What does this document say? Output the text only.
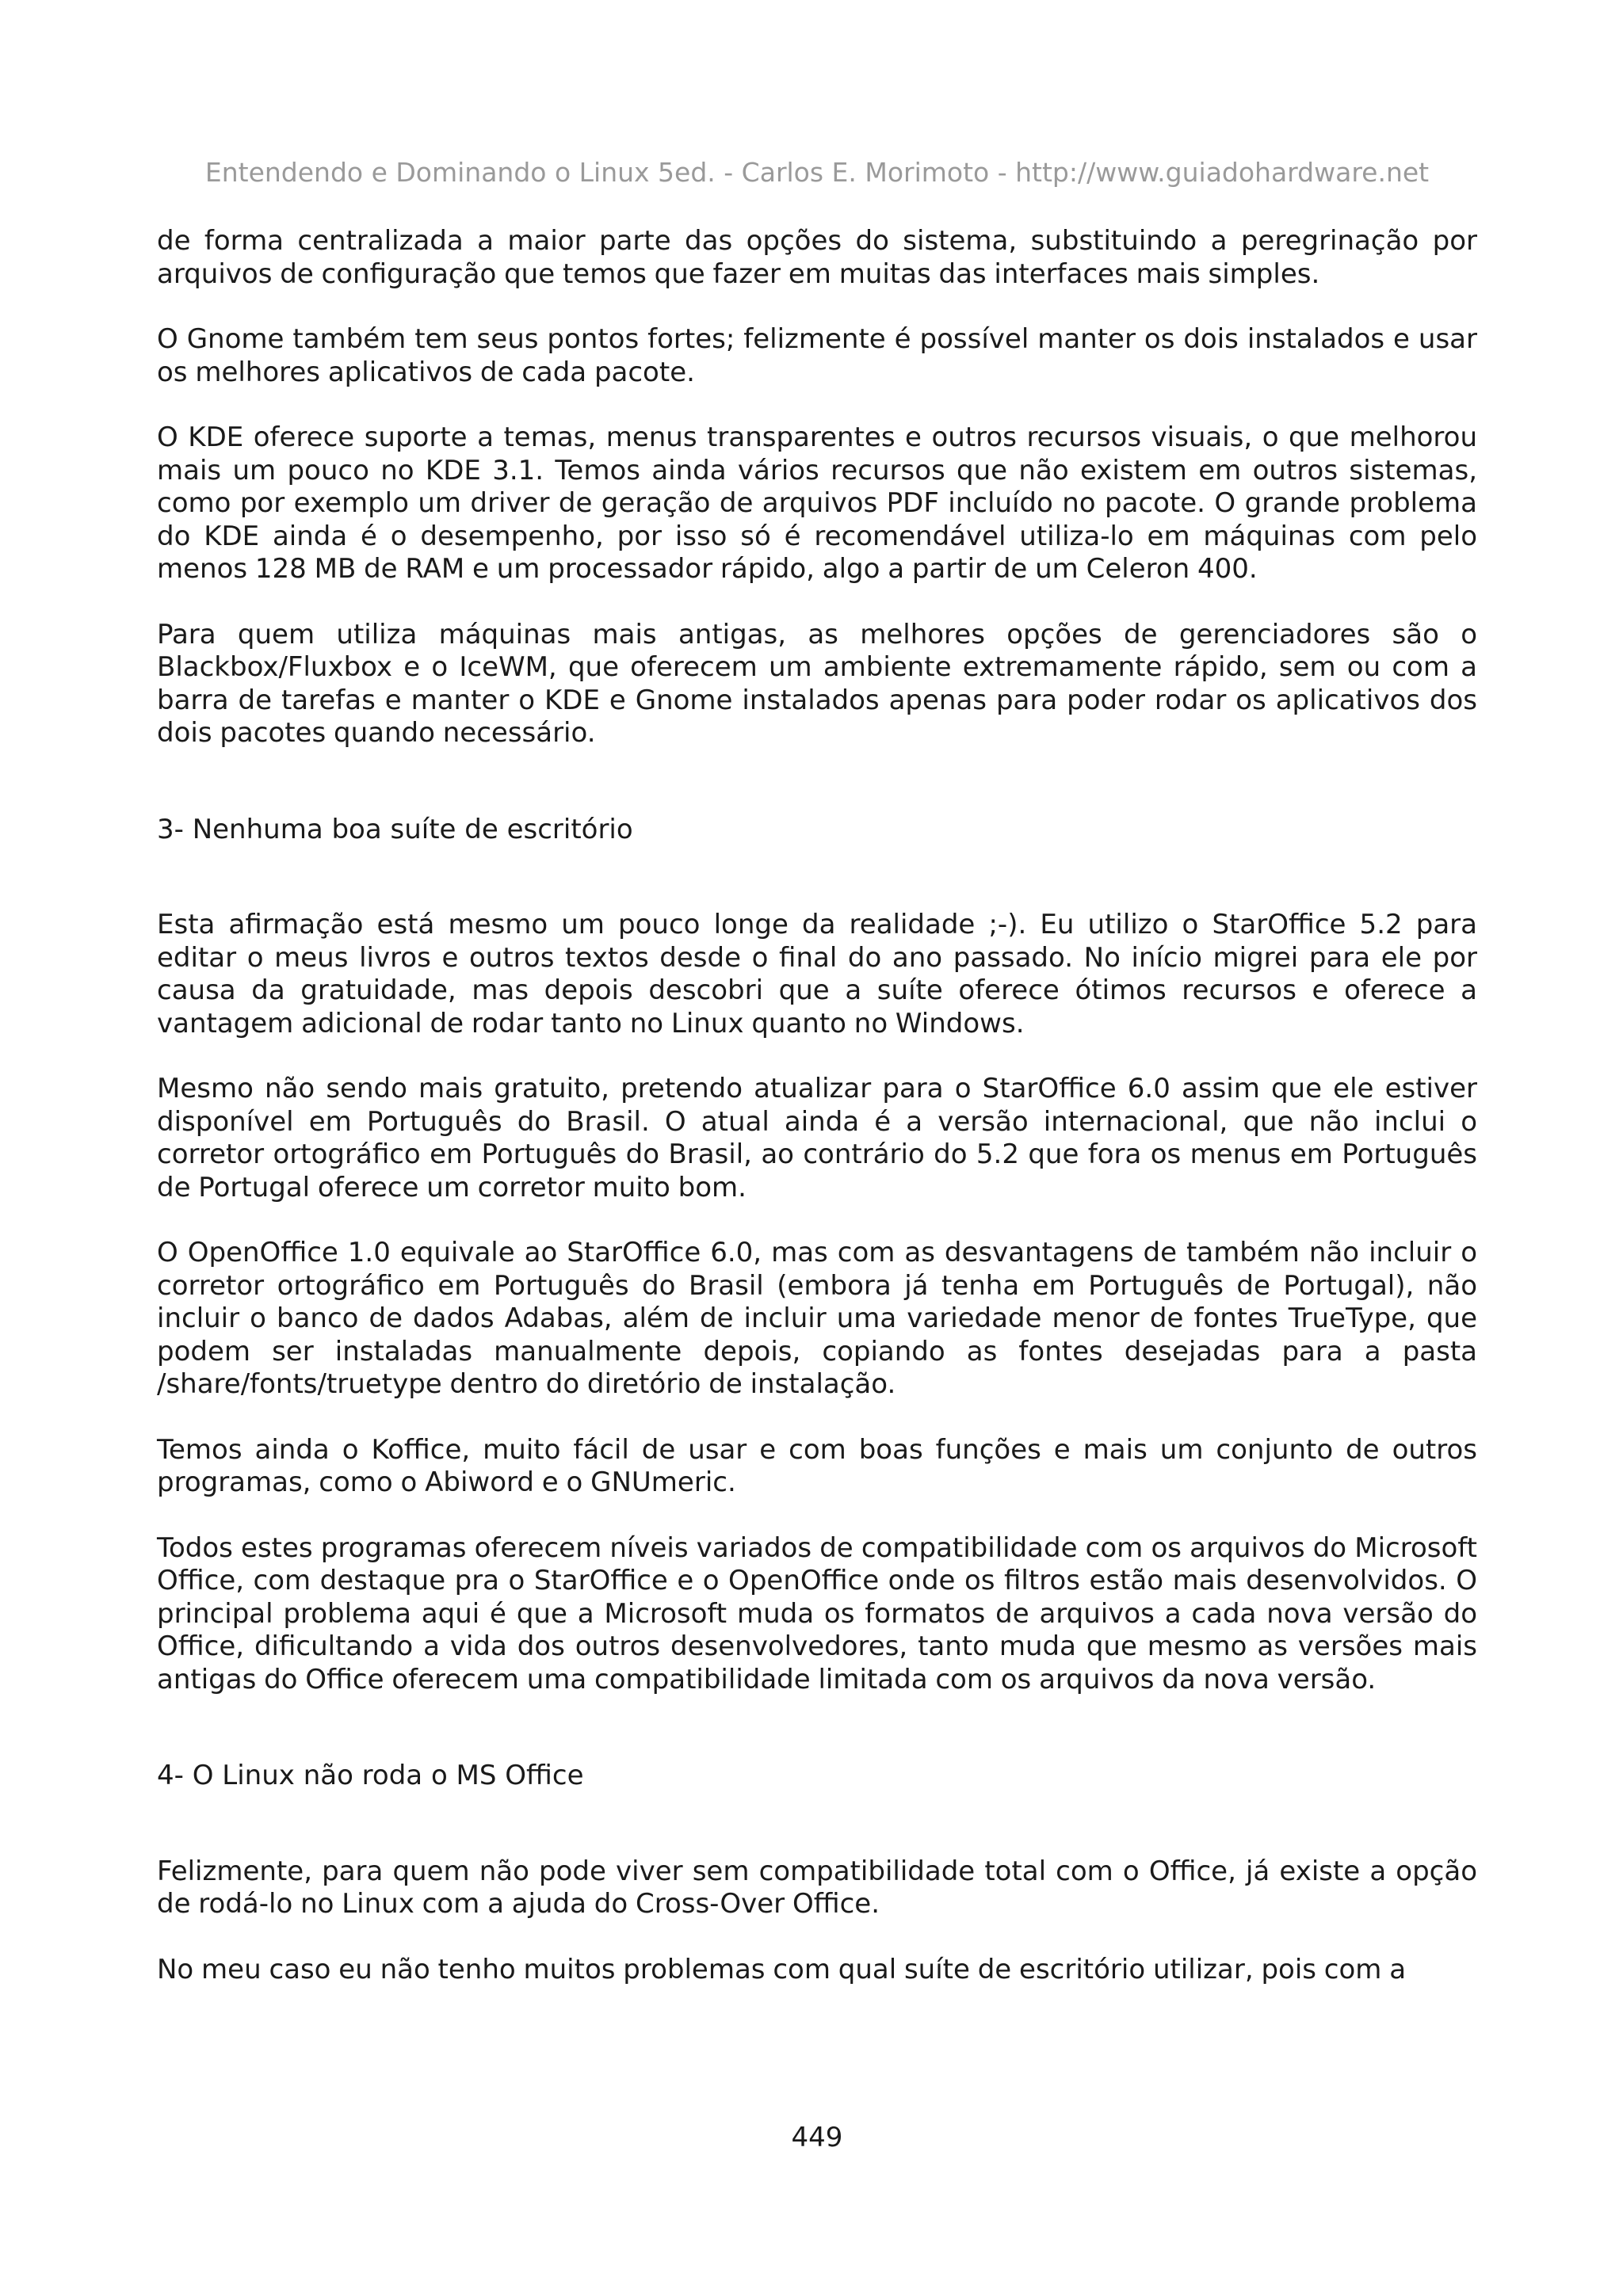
Entendendo e Dominando o Linux 5ed. - Carlos E. Morimoto - http://www.guiadohardware.net

de forma centralizada a maior parte das opções do sistema, substituindo a peregrinação por arquivos de configuração que temos que fazer em muitas das interfaces mais simples.

O Gnome também tem seus pontos fortes; felizmente é possível manter os dois instalados e usar os melhores aplicativos de cada pacote.

O KDE oferece suporte a temas, menus transparentes e outros recursos visuais, o que melhorou mais um pouco no KDE 3.1. Temos ainda vários recursos que não existem em outros sistemas, como por exemplo um driver de geração de arquivos PDF incluído no pacote. O grande problema do KDE ainda é o desempenho, por isso só é recomendável utiliza-lo em máquinas com pelo menos 128 MB de RAM e um processador rápido, algo a partir de um Celeron 400.

Para quem utiliza máquinas mais antigas, as melhores opções de gerenciadores são o Blackbox/Fluxbox e o IceWM, que oferecem um ambiente extremamente rápido, sem ou com a barra de tarefas e manter o KDE e Gnome instalados apenas para poder rodar os aplicativos dos dois pacotes quando necessário.

3- Nenhuma boa suíte de escritório

Esta afirmação está mesmo um pouco longe da realidade ;-). Eu utilizo o StarOffice 5.2 para editar o meus livros e outros textos desde o final do ano passado. No início migrei para ele por causa da gratuidade, mas depois descobri que a suíte oferece ótimos recursos e oferece a vantagem adicional de rodar tanto no Linux quanto no Windows.

Mesmo não sendo mais gratuito, pretendo atualizar para o StarOffice 6.0 assim que ele estiver disponível em Português do Brasil. O atual ainda é a versão internacional, que não inclui o corretor ortográfico em Português do Brasil, ao contrário do 5.2 que fora os menus em Português de Portugal oferece um corretor muito bom.

O OpenOffice 1.0 equivale ao StarOffice 6.0, mas com as desvantagens de também não incluir o corretor ortográfico em Português do Brasil (embora já tenha em Português de Portugal), não incluir o banco de dados Adabas, além de incluir uma variedade menor de fontes TrueType, que podem ser instaladas manualmente depois, copiando as fontes desejadas para a pasta /share/fonts/truetype dentro do diretório de instalação.

Temos ainda o Koffice, muito fácil de usar e com boas funções e mais um conjunto de outros programas, como o Abiword e o GNUmeric.

Todos estes programas oferecem níveis variados de compatibilidade com os arquivos do Microsoft Office, com destaque pra o StarOffice e o OpenOffice onde os filtros estão mais desenvolvidos. O principal problema aqui é que a Microsoft muda os formatos de arquivos a cada nova versão do Office, dificultando a vida dos outros desenvolvedores, tanto muda que mesmo as versões mais antigas do Office oferecem uma compatibilidade limitada com os arquivos da nova versão.

4- O Linux não roda o MS Office

Felizmente, para quem não pode viver sem compatibilidade total com o Office, já existe a opção de rodá-lo no Linux com a ajuda do Cross-Over Office.

No meu caso eu não tenho muitos problemas com qual suíte de escritório utilizar, pois com a

449
